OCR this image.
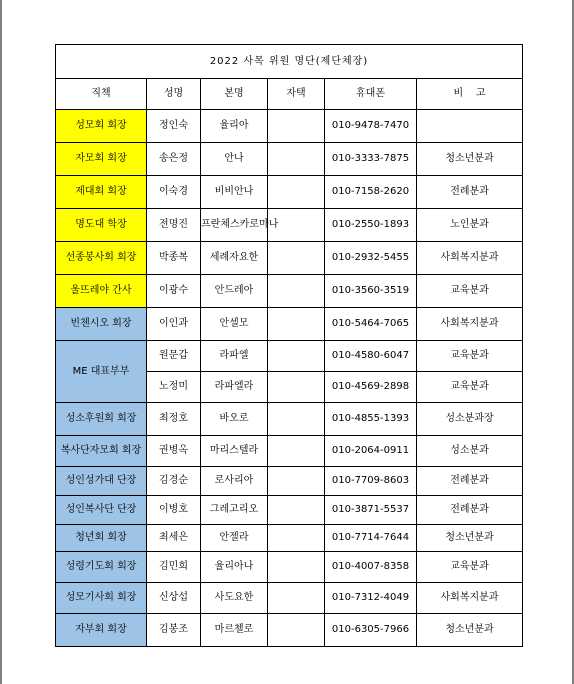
2022 사목 위원 명단(제단체장)					
직책	성명	본명	자택	휴대폰	비    고
성모회 회장	정인숙	율리아		010-9478-7470	
자모회 회장	송은정	안나		010-3333-7875	청소년분과
제대회 회장	이숙경	비비안나		010-7158-2620	전례분과
명도대 학장	전명진	프란체스카로마나		010-2550-1893	노인분과
선종봉사회 회장	박종복	세례자요한		010-2932-5455	사회복지분과
울뜨레야 간사	이광수	안드레아		010-3560-3519	교육분과
빈첸시오 회장	이인과	안셀모		010-5464-7065	사회복지분과
ME 대표부부	원문갑	라파엘		010-4580-6047	교육분과
	노정미	라파엘라		010-4569-2898	교육분과
성소후원회 회장	최정호	바오로		010-4855-1393	성소분과장
복사단자모회 회장	권병옥	마리스텔라		010-2064-0911	성소분과
성인성가대 단장	김경순	로사리아		010-7709-8603	전례분과
성인복사단 단장	이병호	그레고리오		010-3871-5537	전례분과
청년회 회장	최세은	안젤라		010-7714-7644	청소년분과
성령기도회 회장	김민희	율리아나		010-4007-8358	교육분과
성모기사회 회장	신상섭	사도요한		010-7312-4049	사회복지분과
자부회 회장	김봉조	마르첼로		010-6305-7966	청소년분과
